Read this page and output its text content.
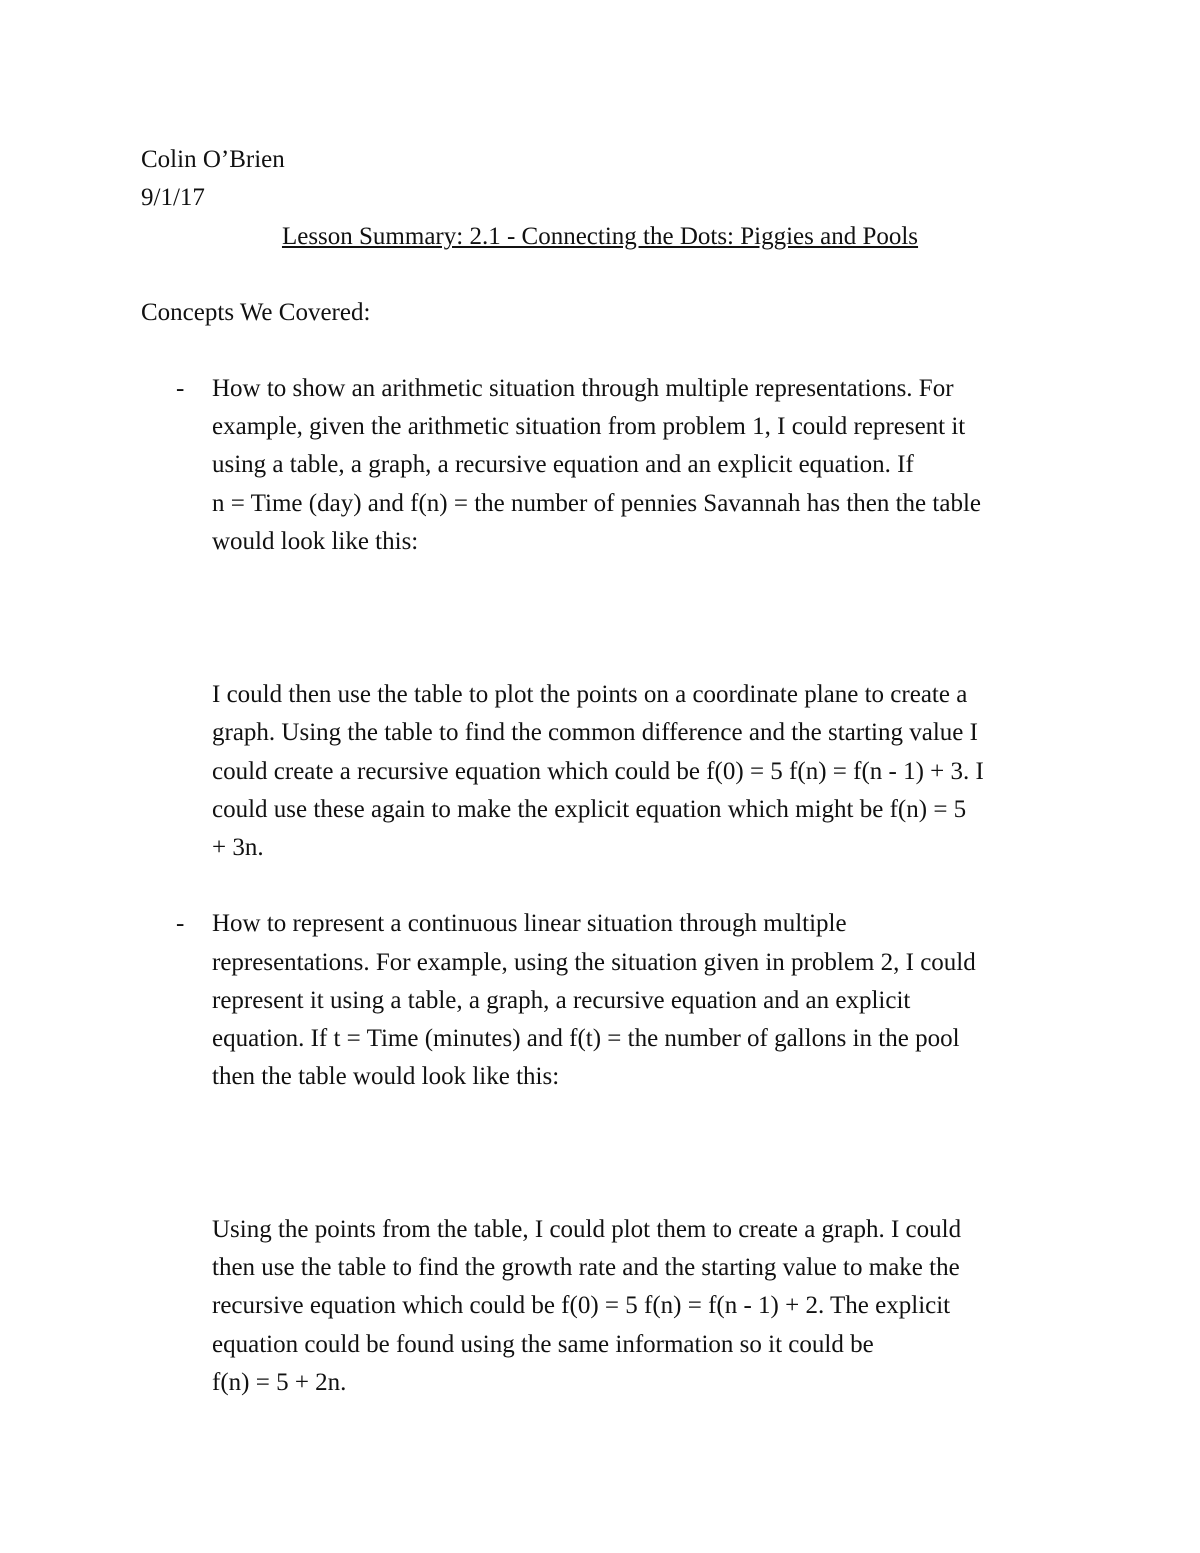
Colin O’Brien
9/1/17
Lesson Summary: 2.1 - Connecting the Dots: Piggies and Pools
Concepts We Covered:
- How to show an arithmetic situation through multiple representations. For
example, given the arithmetic situation from problem 1, I could represent it
using a table, a graph, a recursive equation and an explicit equation. If
n = Time (day) and f(n) = the number of pennies Savannah has then the table
would look like this:
I could then use the table to plot the points on a coordinate plane to create a
graph. Using the table to find the common difference and the starting value I
could create a recursive equation which could be f(0) = 5 f(n) = f(n - 1) + 3. I
could use these again to make the explicit equation which might be f(n) = 5
+ 3n.
- How to represent a continuous linear situation through multiple
representations. For example, using the situation given in problem 2, I could
represent it using a table, a graph, a recursive equation and an explicit
equation. If t = Time (minutes) and f(t) = the number of gallons in the pool
then the table would look like this:
Using the points from the table, I could plot them to create a graph. I could
then use the table to find the growth rate and the starting value to make the
recursive equation which could be f(0) = 5 f(n) = f(n - 1) + 2. The explicit
equation could be found using the same information so it could be
f(n) = 5 + 2n.
